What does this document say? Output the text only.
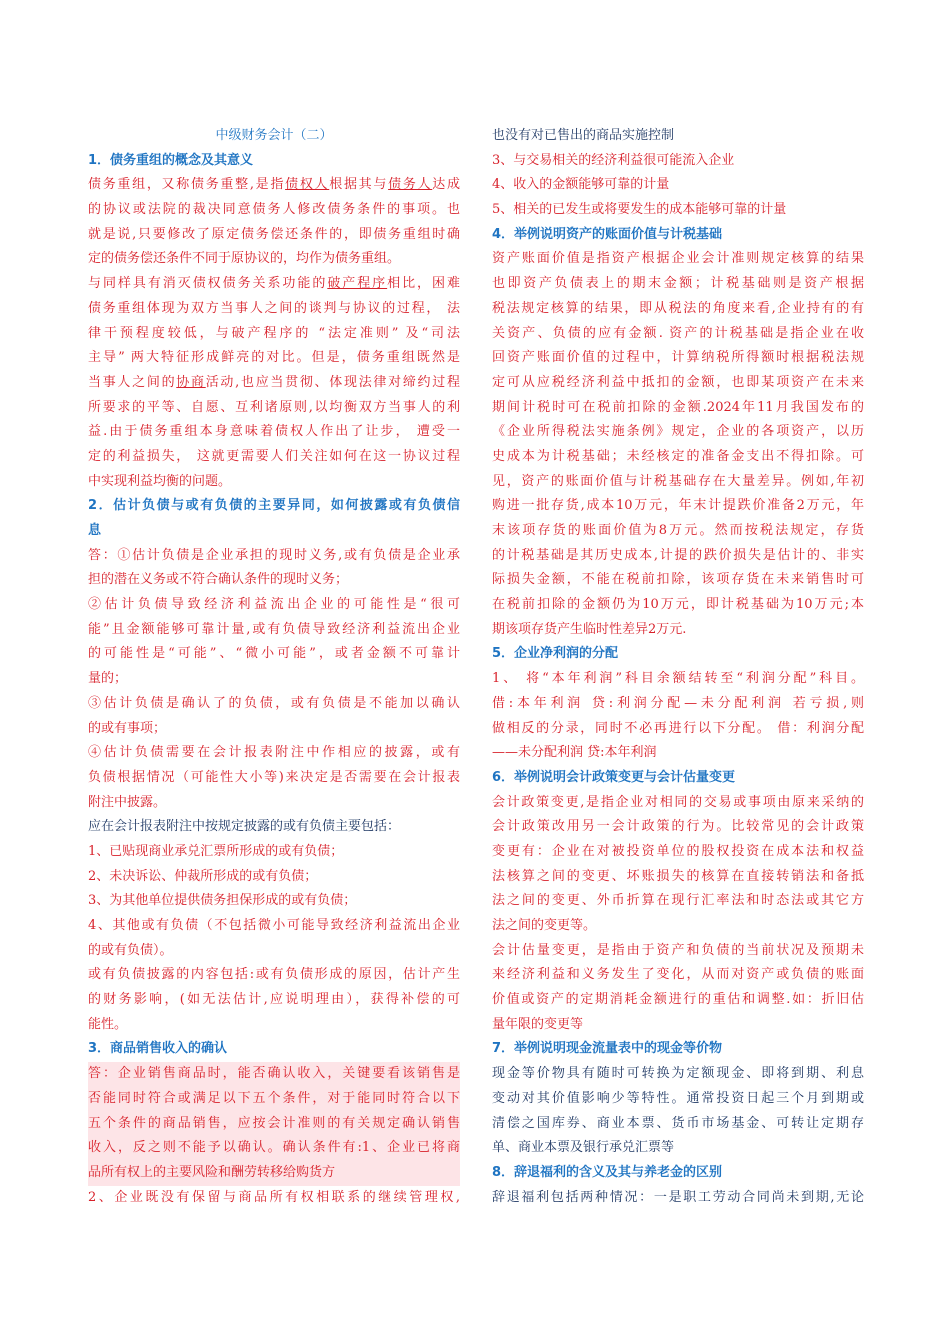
中级财务会计（二）
1．债务重组的概念及其意义
债务重组，又称债务重整,是指债权人根据其与债务人达成
的协议或法院的裁决同意债务人修改债务条件的事项。也
就是说,只要修改了原定债务偿还条件的，即债务重组时确
定的债务偿还条件不同于原协议的，均作为债务重组。
与同样具有消灭债权债务关系功能的破产程序相比，困难
债务重组体现为双方当事人之间的谈判与协议的过程， 法
律干预程度较低，与破产程序的 “法定准则” 及“司法
主导” 两大特征形成鲜亮的对比。但是，债务重组既然是
当事人之间的协商活动,也应当贯彻、体现法律对缔约过程
所要求的平等、自愿、互利诸原则,以均衡双方当事人的利
益.由于债务重组本身意味着债权人作出了让步， 遭受一
定的利益损失， 这就更需要人们关注如何在这一协议过程
中实现利益均衡的问题。
2．估计负债与或有负债的主要异同，如何披露或有负债信
息
答：①估计负债是企业承担的现时义务,或有负债是企业承
担的潜在义务或不符合确认条件的现时义务；
②估计负债导致经济利益流出企业的可能性是“很可
能”且金额能够可靠计量,或有负债导致经济利益流出企业
的可能性是“可能”、“微小可能”，或者金额不可靠计
量的；
③估计负债是确认了的负债，或有负债是不能加以确认
的或有事项；
④估计负债需要在会计报表附注中作相应的披露，或有
负债根据情况（可能性大小等)来决定是否需要在会计报表
附注中披露。
应在会计报表附注中按规定披露的或有负债主要包括：
1、已贴现商业承兑汇票所形成的或有负债；
2、未决诉讼、仲裁所形成的或有负债；
3、为其他单位提供债务担保形成的或有负债；
4、其他或有负债（不包括微小可能导致经济利益流出企业
的或有负债）。
或有负债披露的内容包括:或有负债形成的原因，估计产生
的财务影响，(如无法估计,应说明理由），获得补偿的可
能性。
3．商品销售收入的确认
答：企业销售商品时，能否确认收入，关键要看该销售是
否能同时符合或满足以下五个条件，对于能同时符合以下
五个条件的商品销售，应按会计准则的有关规定确认销售
收入，反之则不能予以确认。确认条件有:1、企业已将商
品所有权上的主要风险和酬劳转移给购货方
2、企业既没有保留与商品所有权相联系的继续管理权,
也没有对已售出的商品实施控制
3、与交易相关的经济利益很可能流入企业
4、收入的金额能够可靠的计量
5、相关的已发生或将要发生的成本能够可靠的计量
4．举例说明资产的账面价值与计税基础
资产账面价值是指资产根据企业会计准则规定核算的结果
也即资产负债表上的期末金额；计税基础则是资产根据
税法规定核算的结果，即从税法的角度来看,企业持有的有
关资产、负债的应有金额. 资产的计税基础是指企业在收
回资产账面价值的过程中，计算纳税所得额时根据税法规
定可从应税经济利益中抵扣的金额，也即某项资产在未来
期间计税时可在税前扣除的金额.2024年11月我国发布的
《企业所得税法实施条例》规定，企业的各项资产，以历
史成本为计税基础；未经核定的准备金支出不得扣除。可
见，资产的账面价值与计税基础存在大量差异。例如,年初
购进一批存货,成本10万元，年末计提跌价准备2万元，年
末该项存货的账面价值为8万元。然而按税法规定，存货
的计税基础是其历史成本,计提的跌价损失是估计的、非实
际损失金额，不能在税前扣除，该项存货在未来销售时可
在税前扣除的金额仍为10万元，即计税基础为10万元;本
期该项存货产生临时性差异2万元.
5．企业净利润的分配
1、 将“本年利润”科目余额结转至“利润分配”科目。
借:本年利润 贷:利润分配—未分配利润 若亏损,则
做相反的分录，同时不必再进行以下分配。 借：利润分配
——未分配利润 贷:本年利润
6．举例说明会计政策变更与会计估量变更
会计政策变更,是指企业对相同的交易或事项由原来采纳的
会计政策改用另一会计政策的行为。比较常见的会计政策
变更有：企业在对被投资单位的股权投资在成本法和权益
法核算之间的变更、坏账损失的核算在直接转销法和备抵
法之间的变更、外币折算在现行汇率法和时态法或其它方
法之间的变更等。
会计估量变更，是指由于资产和负债的当前状况及预期未
来经济利益和义务发生了变化，从而对资产或负债的账面
价值或资产的定期消耗金额进行的重估和调整.如：折旧估
量年限的变更等
7．举例说明现金流量表中的现金等价物
现金等价物具有随时可转换为定额现金、即将到期、利息
变动对其价值影响少等特性。通常投资日起三个月到期或
清偿之国库券、商业本票、货币市场基金、可转让定期存
单、商业本票及银行承兑汇票等
8．辞退福利的含义及其与养老金的区别
辞退福利包括两种情况：一是职工劳动合同尚未到期,无论
